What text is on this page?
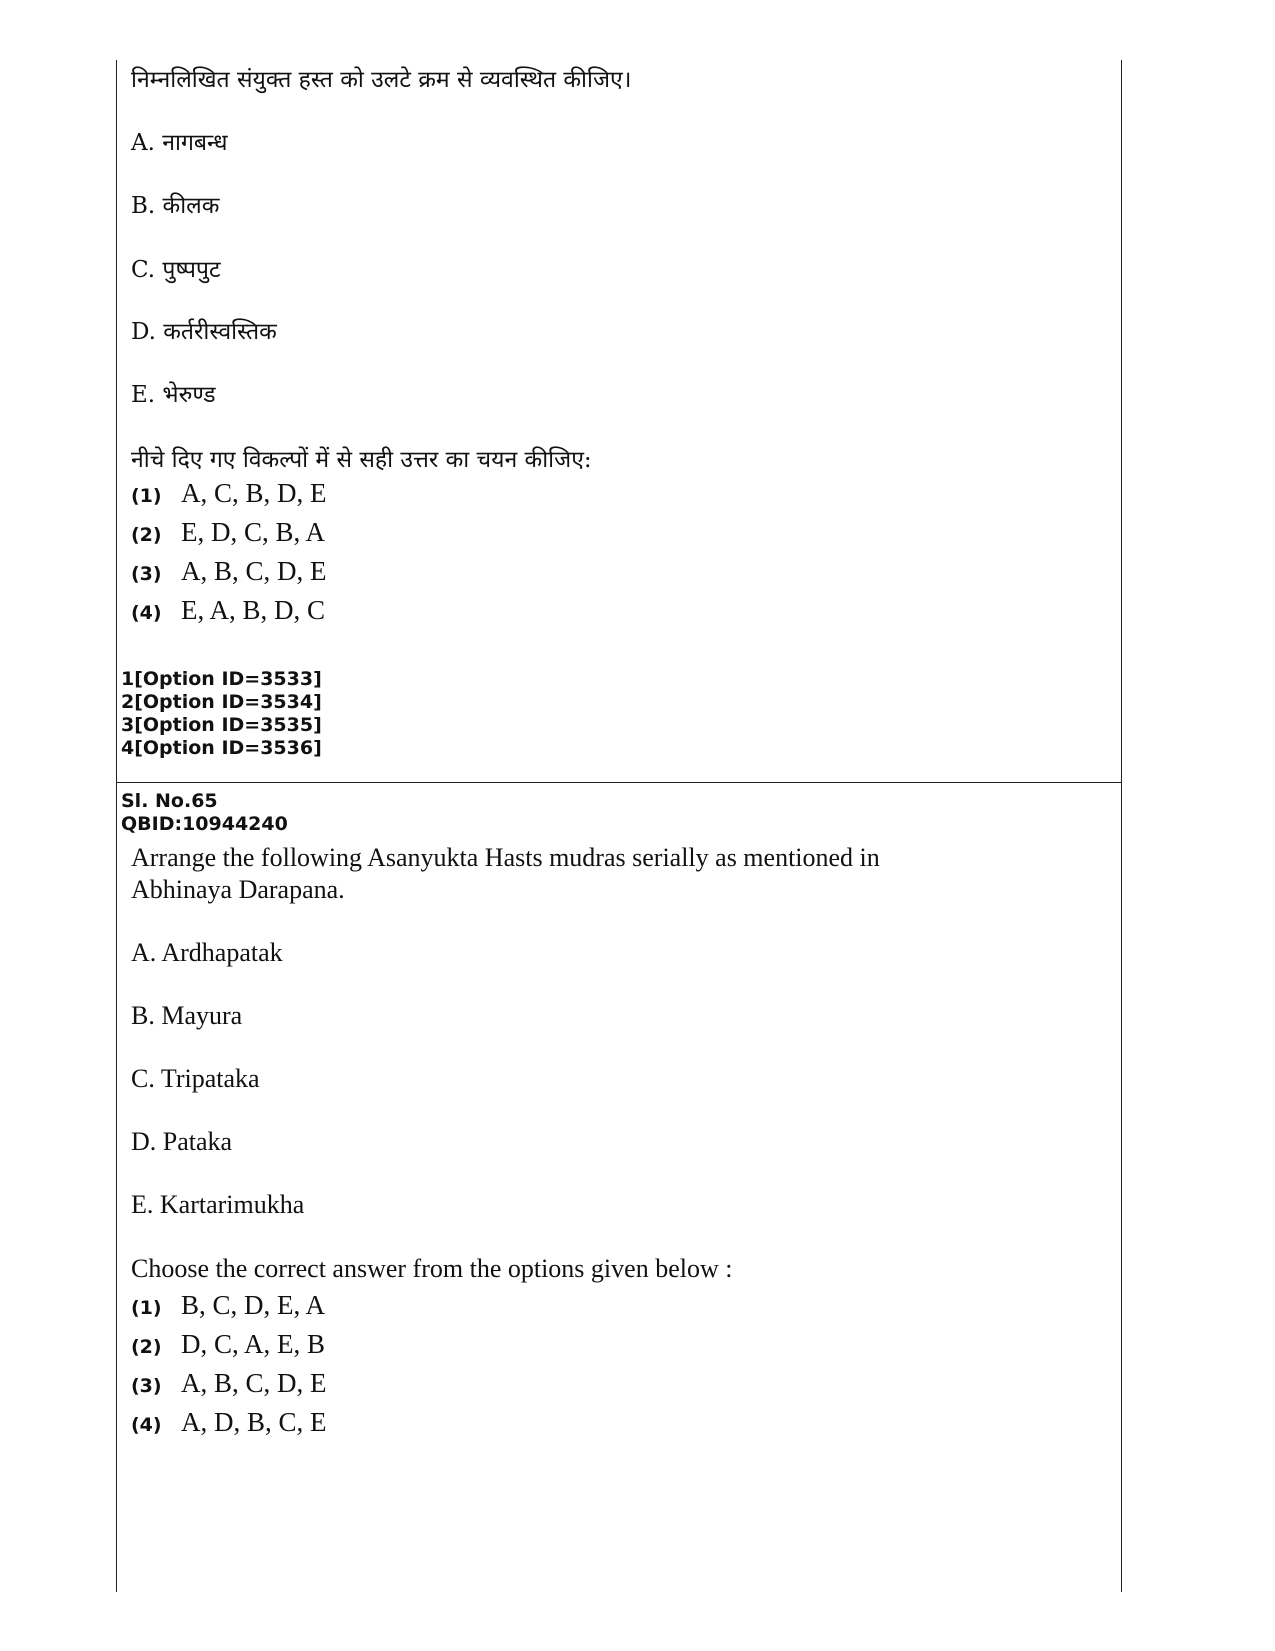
निम्नलिखित संयुक्त हस्त को उलटे क्रम से व्यवस्थित कीजिए।
A. नागबन्ध
B. कीलक
C. पुष्पपुट
D. कर्तरीस्वस्तिक
E. भेरुण्ड
नीचे दिए गए विकल्पों में से सही उत्तर का चयन कीजिए:
(1) A, C, B, D, E
(2) E, D, C, B, A
(3) A, B, C, D, E
(4) E, A, B, D, C
1[Option ID=3533]
2[Option ID=3534]
3[Option ID=3535]
4[Option ID=3536]
Sl. No.65
QBID:10944240
Arrange the following Asanyukta Hasts mudras serially as mentioned in
Abhinaya Darapana.
A. Ardhapatak
B. Mayura
C. Tripataka
D. Pataka
E. Kartarimukha
Choose the correct answer from the options given below :
(1) B, C, D, E, A
(2) D, C, A, E, B
(3) A, B, C, D, E
(4) A, D, B, C, E
